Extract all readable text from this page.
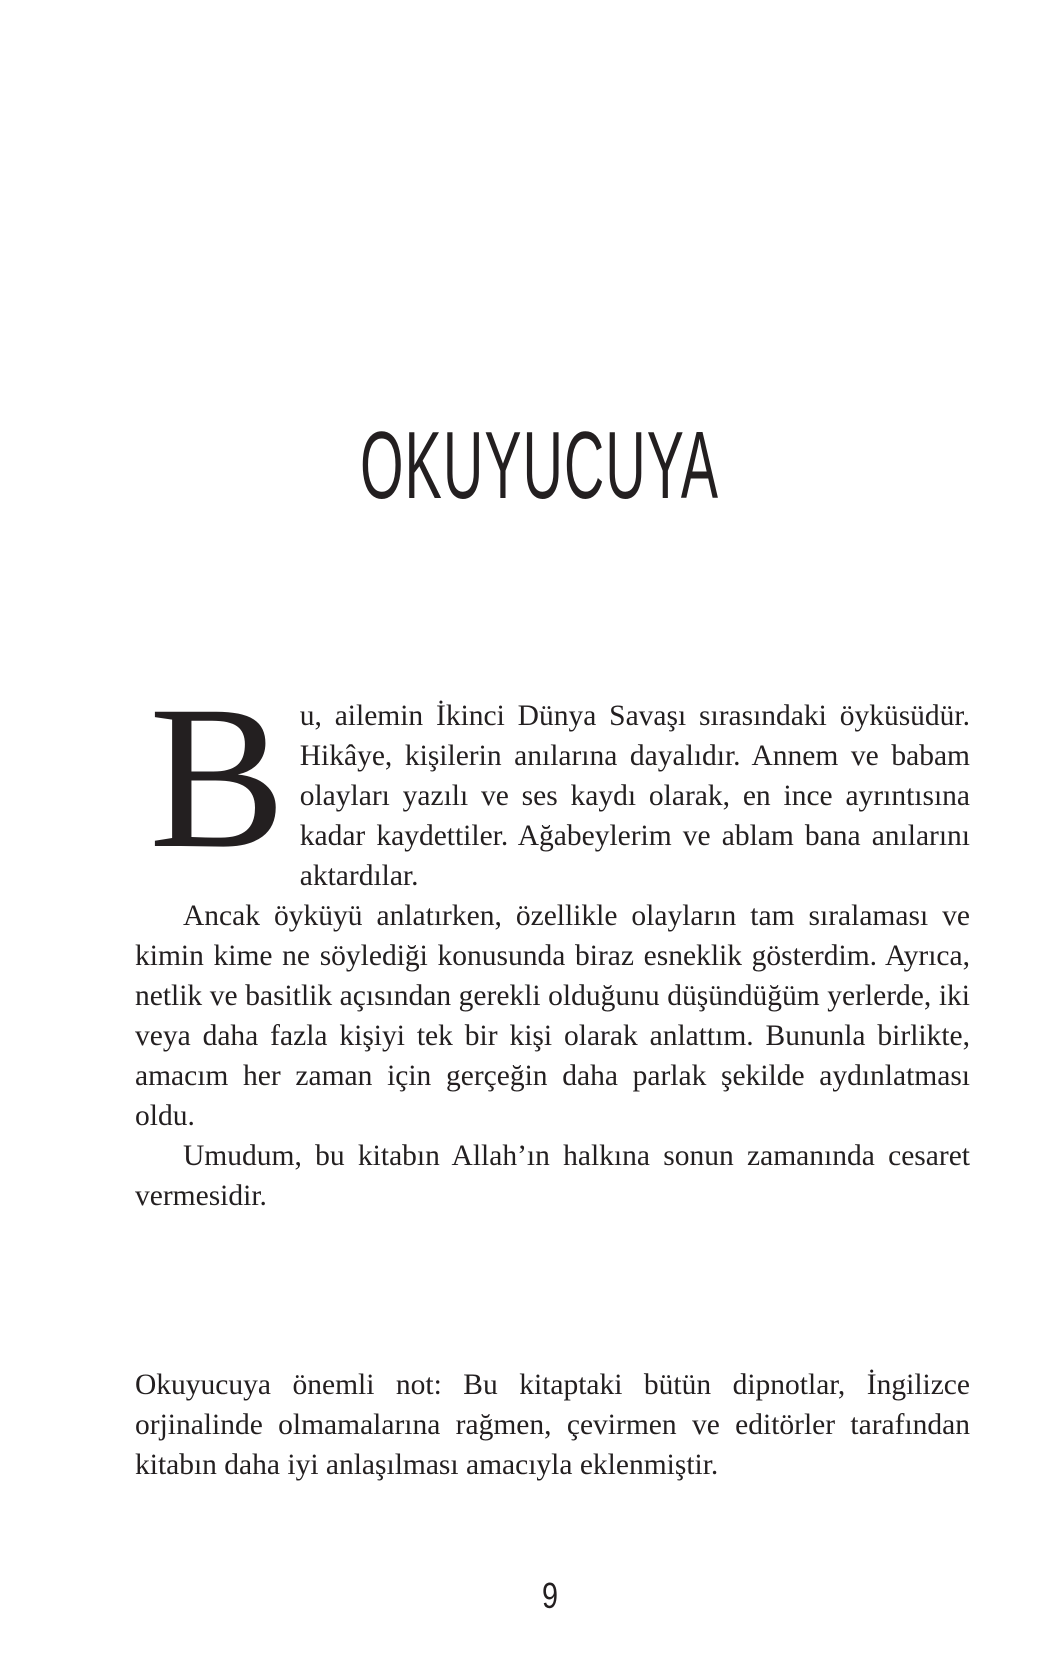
OKUYUCUYA

Bu, ailemin İkinci Dünya Savaşı sırasındaki öyküsüdür. Hikâye, kişilerin anılarına dayalıdır. Annem ve babam olayları yazılı ve ses kaydı olarak, en ince ayrıntısına kadar kaydettiler. Ağabeylerim ve ablam bana anılarını aktardılar.

Ancak öyküyü anlatırken, özellikle olayların tam sıralaması ve kimin kime ne söylediği konusunda biraz esneklik gösterdim. Ayrıca, netlik ve basitlik açısından gerekli olduğunu düşündüğüm yerlerde, iki veya daha fazla kişiyi tek bir kişi olarak anlattım. Bununla birlikte, amacım her zaman için gerçeğin daha parlak şekilde aydınlatması oldu.

Umudum, bu kitabın Allah’ın halkına sonun zamanında cesaret vermesidir.

Okuyucuya önemli not: Bu kitaptaki bütün dipnotlar, İngilizce orjinalinde olmamalarına rağmen, çevirmen ve editörler tarafından kitabın daha iyi anlaşılması amacıyla eklenmiştir.

9
